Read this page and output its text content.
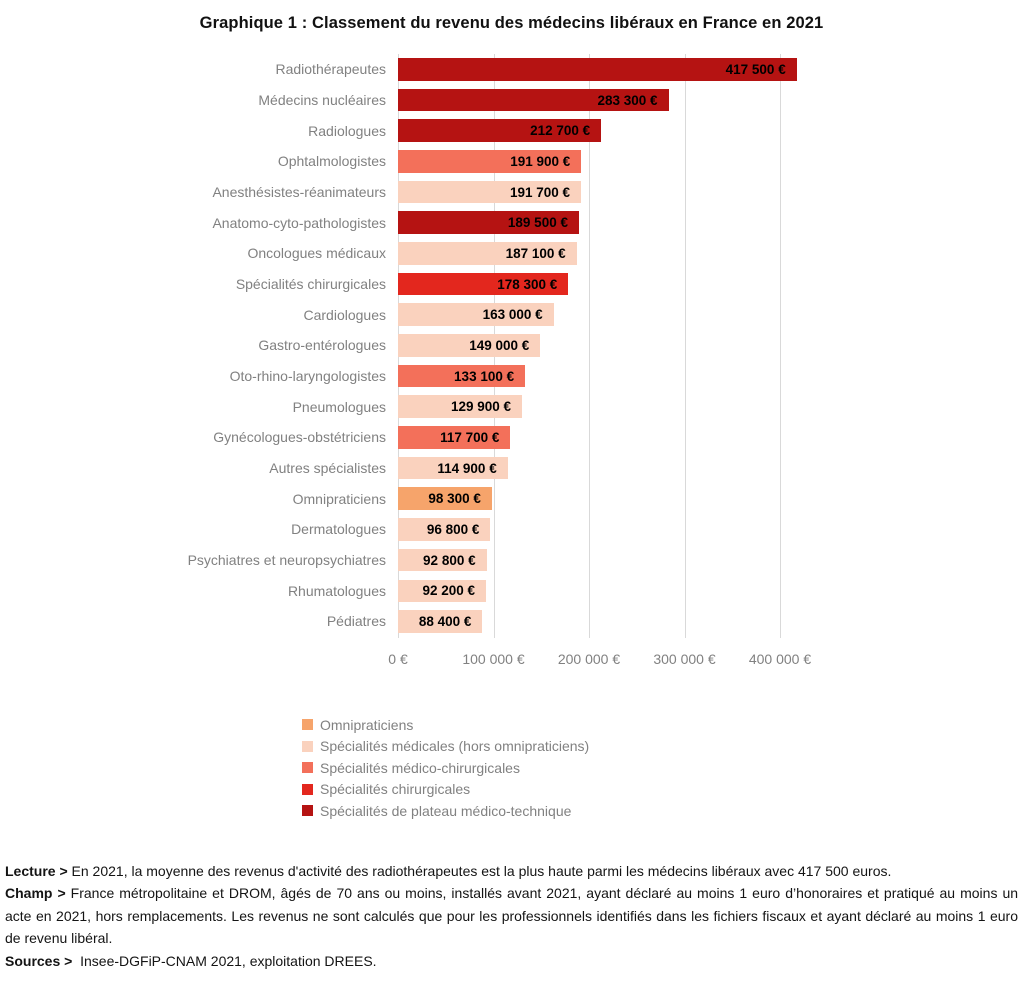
Graphique 1 : Classement du revenu des médecins libéraux en France en 2021
Radiothérapeutes	417 500 €
Médecins nucléaires	283 300 €
Radiologues	212 700 €
Ophtalmologistes	191 900 €
Anesthésistes-réanimateurs	191 700 €
Anatomo-cyto-pathologistes	189 500 €
Oncologues médicaux	187 100 €
Spécialités chirurgicales	178 300 €
Cardiologues	163 000 €
Gastro-entérologues	149 000 €
Oto-rhino-laryngologistes	133 100 €
Pneumologues	129 900 €
Gynécologues-obstétriciens	117 700 €
Autres spécialistes	114 900 €
Omnipraticiens	98 300 €
Dermatologues	96 800 €
Psychiatres et neuropsychiatres	92 800 €
Rhumatologues	92 200 €
Pédiatres	88 400 €
0 €	100 000 € 200 000 € 300 000 € 400 000 €
Omnipraticiens
Spécialités médicales (hors omnipraticiens)
Spécialités médico-chirurgicales
Spécialités chirurgicales
Spécialités de plateau médico-technique

Lecture > En 2021, la moyenne des revenus d'activité des radiothérapeutes est la plus haute parmi les médecins libéraux avec 417 500 euros.

Champ > France métropolitaine et DROM, âgés de 70 ans ou moins, installés avant 2021, ayant déclaré au moins 1 euro d’honoraires et pratiqué au moins un acte en 2021, hors remplacements. Les revenus ne sont calculés que pour les professionnels identifiés dans les fichiers fiscaux et ayant déclaré au moins 1 euro de revenu libéral.

Sources > Insee-DGFiP-CNAM 2021, exploitation DREES.
